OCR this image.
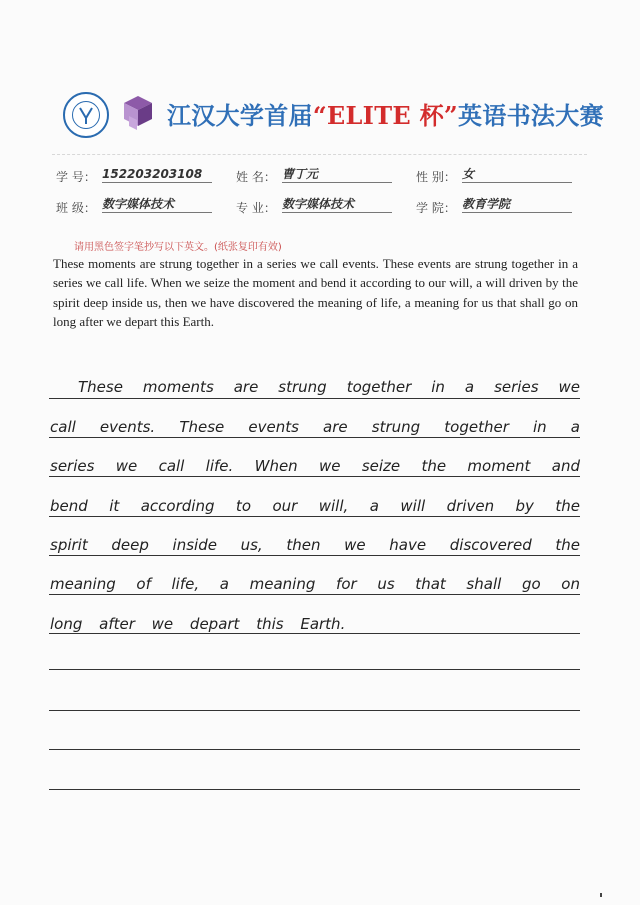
江汉大学首届“ELITE 杯”英语书法大赛
学 号： 152203203108	姓 名： 曹丁元	性 别： 女
班 级： 数字媒体技术	专 业： 数字媒体技术	学 院： 教育学院
请用黑色签字笔抄写以下英文。(纸张复印有效)
These moments are strung together in a series we call events. These events are strung together in a series we call life. When we seize the moment and bend it according to our will, a will driven by the spirit deep inside us, then we have discovered the meaning of life, a meaning for us that shall go on long after we depart this Earth.
These moments are strung together in a series we
call events. These events are strung together in a
series we call life. When we seize the moment and
bend it according to our will, a will driven by the
spirit deep inside us, then we have discovered the
meaning of life, a meaning for us that shall go on
long after we depart this Earth.
